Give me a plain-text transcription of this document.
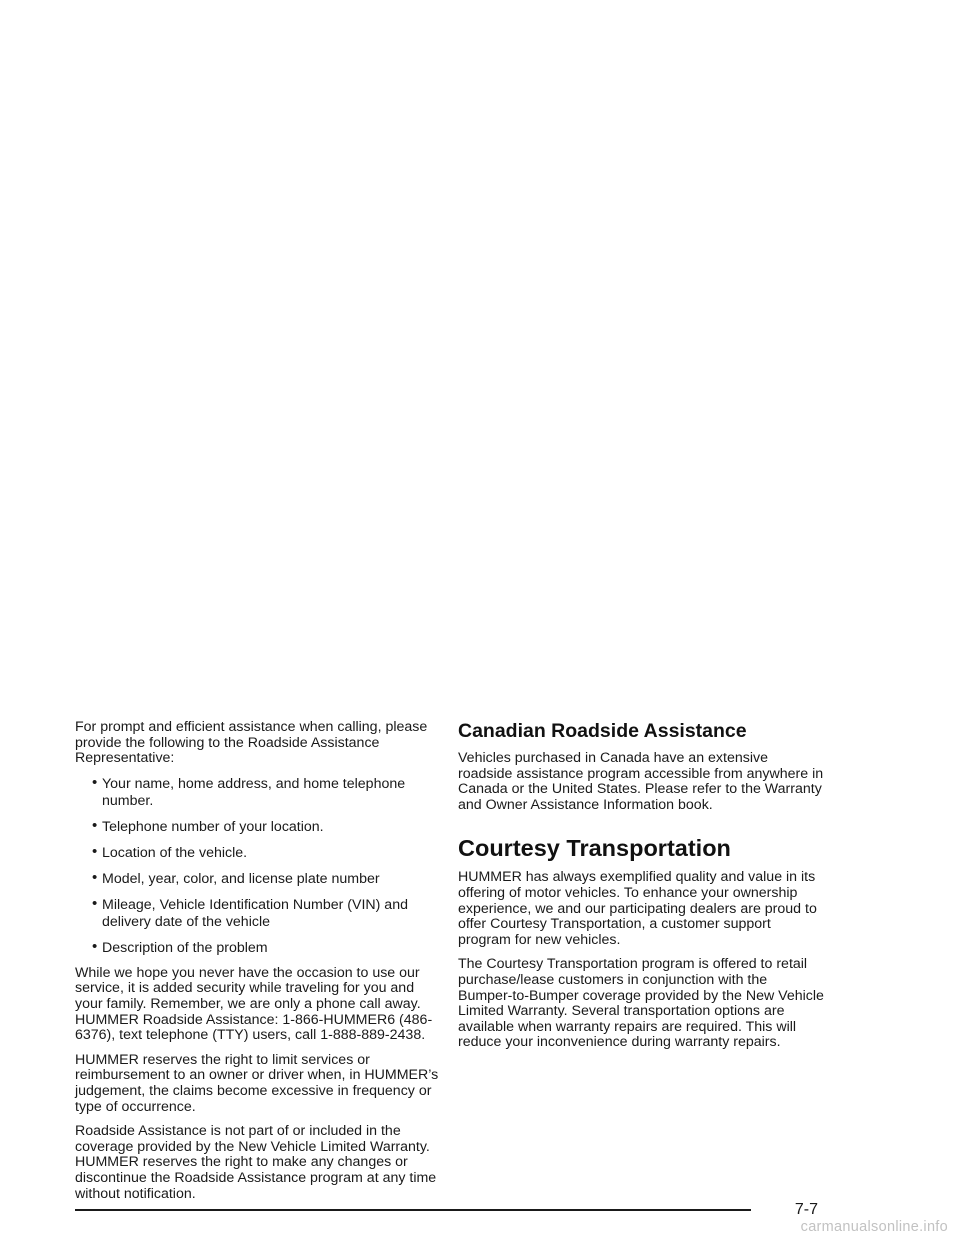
For prompt and efficient assistance when calling, please provide the following to the Roadside Assistance Representative:

• Your name, home address, and home telephone number.
• Telephone number of your location.
• Location of the vehicle.
• Model, year, color, and license plate number
• Mileage, Vehicle Identification Number (VIN) and delivery date of the vehicle
• Description of the problem

While we hope you never have the occasion to use our service, it is added security while traveling for you and your family. Remember, we are only a phone call away. HUMMER Roadside Assistance: 1-866-HUMMER6 (486-6376), text telephone (TTY) users, call 1-888-889-2438.

HUMMER reserves the right to limit services or reimbursement to an owner or driver when, in HUMMER’s judgement, the claims become excessive in frequency or type of occurrence.

Roadside Assistance is not part of or included in the coverage provided by the New Vehicle Limited Warranty. HUMMER reserves the right to make any changes or discontinue the Roadside Assistance program at any time without notification.

Canadian Roadside Assistance

Vehicles purchased in Canada have an extensive roadside assistance program accessible from anywhere in Canada or the United States. Please refer to the Warranty and Owner Assistance Information book.

Courtesy Transportation

HUMMER has always exemplified quality and value in its offering of motor vehicles. To enhance your ownership experience, we and our participating dealers are proud to offer Courtesy Transportation, a customer support program for new vehicles.

The Courtesy Transportation program is offered to retail purchase/lease customers in conjunction with the Bumper-to-Bumper coverage provided by the New Vehicle Limited Warranty. Several transportation options are available when warranty repairs are required. This will reduce your inconvenience during warranty repairs.

7-7
carmanualsonline.info
